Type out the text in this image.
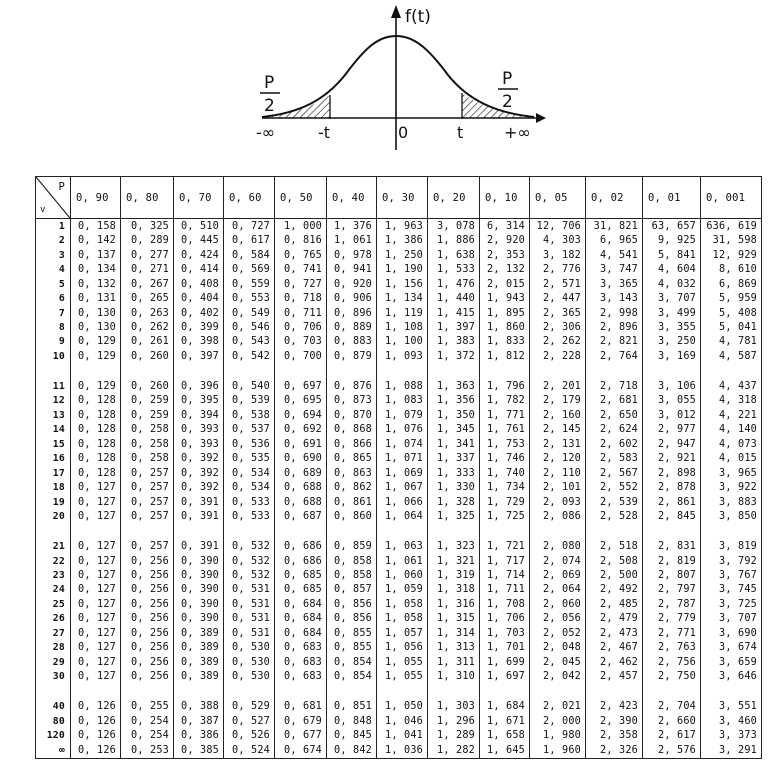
f(t)
P
2
P
2
-∞	-t	0	t	+∞
P
v	0, 90	0, 80	0, 70	0, 60	0, 50	0, 40	0, 30	0, 20	0, 10	0, 05	0, 02	0, 01	0, 001
1	0, 158	0, 325	0, 510	0, 727	1, 000	1, 376	1, 963	3, 078	6, 314	12, 706	31, 821	63, 657	636, 619
2	0, 142	0, 289	0, 445	0, 617	0, 816	1, 061	1, 386	1, 886	2, 920	4, 303	6, 965	9, 925	31, 598
3	0, 137	0, 277	0, 424	0, 584	0, 765	0, 978	1, 250	1, 638	2, 353	3, 182	4, 541	5, 841	12, 929
4	0, 134	0, 271	0, 414	0, 569	0, 741	0, 941	1, 190	1, 533	2, 132	2, 776	3, 747	4, 604	8, 610
5	0, 132	0, 267	0, 408	0, 559	0, 727	0, 920	1, 156	1, 476	2, 015	2, 571	3, 365	4, 032	6, 869
6	0, 131	0, 265	0, 404	0, 553	0, 718	0, 906	1, 134	1, 440	1, 943	2, 447	3, 143	3, 707	5, 959
7	0, 130	0, 263	0, 402	0, 549	0, 711	0, 896	1, 119	1, 415	1, 895	2, 365	2, 998	3, 499	5, 408
8	0, 130	0, 262	0, 399	0, 546	0, 706	0, 889	1, 108	1, 397	1, 860	2, 306	2, 896	3, 355	5, 041
9	0, 129	0, 261	0, 398	0, 543	0, 703	0, 883	1, 100	1, 383	1, 833	2, 262	2, 821	3, 250	4, 781
10	0, 129	0, 260	0, 397	0, 542	0, 700	0, 879	1, 093	1, 372	1, 812	2, 228	2, 764	3, 169	4, 587

11	0, 129	0, 260	0, 396	0, 540	0, 697	0, 876	1, 088	1, 363	1, 796	2, 201	2, 718	3, 106	4, 437
12	0, 128	0, 259	0, 395	0, 539	0, 695	0, 873	1, 083	1, 356	1, 782	2, 179	2, 681	3, 055	4, 318
13	0, 128	0, 259	0, 394	0, 538	0, 694	0, 870	1, 079	1, 350	1, 771	2, 160	2, 650	3, 012	4, 221
14	0, 128	0, 258	0, 393	0, 537	0, 692	0, 868	1, 076	1, 345	1, 761	2, 145	2, 624	2, 977	4, 140
15	0, 128	0, 258	0, 393	0, 536	0, 691	0, 866	1, 074	1, 341	1, 753	2, 131	2, 602	2, 947	4, 073
16	0, 128	0, 258	0, 392	0, 535	0, 690	0, 865	1, 071	1, 337	1, 746	2, 120	2, 583	2, 921	4, 015
17	0, 128	0, 257	0, 392	0, 534	0, 689	0, 863	1, 069	1, 333	1, 740	2, 110	2, 567	2, 898	3, 965
18	0, 127	0, 257	0, 392	0, 534	0, 688	0, 862	1, 067	1, 330	1, 734	2, 101	2, 552	2, 878	3, 922
19	0, 127	0, 257	0, 391	0, 533	0, 688	0, 861	1, 066	1, 328	1, 729	2, 093	2, 539	2, 861	3, 883
20	0, 127	0, 257	0, 391	0, 533	0, 687	0, 860	1, 064	1, 325	1, 725	2, 086	2, 528	2, 845	3, 850

21	0, 127	0, 257	0, 391	0, 532	0, 686	0, 859	1, 063	1, 323	1, 721	2, 080	2, 518	2, 831	3, 819
22	0, 127	0, 256	0, 390	0, 532	0, 686	0, 858	1, 061	1, 321	1, 717	2, 074	2, 508	2, 819	3, 792
23	0, 127	0, 256	0, 390	0, 532	0, 685	0, 858	1, 060	1, 319	1, 714	2, 069	2, 500	2, 807	3, 767
24	0, 127	0, 256	0, 390	0, 531	0, 685	0, 857	1, 059	1, 318	1, 711	2, 064	2, 492	2, 797	3, 745
25	0, 127	0, 256	0, 390	0, 531	0, 684	0, 856	1, 058	1, 316	1, 708	2, 060	2, 485	2, 787	3, 725
26	0, 127	0, 256	0, 390	0, 531	0, 684	0, 856	1, 058	1, 315	1, 706	2, 056	2, 479	2, 779	3, 707
27	0, 127	0, 256	0, 389	0, 531	0, 684	0, 855	1, 057	1, 314	1, 703	2, 052	2, 473	2, 771	3, 690
28	0, 127	0, 256	0, 389	0, 530	0, 683	0, 855	1, 056	1, 313	1, 701	2, 048	2, 467	2, 763	3, 674
29	0, 127	0, 256	0, 389	0, 530	0, 683	0, 854	1, 055	1, 311	1, 699	2, 045	2, 462	2, 756	3, 659
30	0, 127	0, 256	0, 389	0, 530	0, 683	0, 854	1, 055	1, 310	1, 697	2, 042	2, 457	2, 750	3, 646

40	0, 126	0, 255	0, 388	0, 529	0, 681	0, 851	1, 050	1, 303	1, 684	2, 021	2, 423	2, 704	3, 551
80	0, 126	0, 254	0, 387	0, 527	0, 679	0, 848	1, 046	1, 296	1, 671	2, 000	2, 390	2, 660	3, 460
120	0, 126	0, 254	0, 386	0, 526	0, 677	0, 845	1, 041	1, 289	1, 658	1, 980	2, 358	2, 617	3, 373
∞	0, 126	0, 253	0, 385	0, 524	0, 674	0, 842	1, 036	1, 282	1, 645	1, 960	2, 326	2, 576	3, 291
